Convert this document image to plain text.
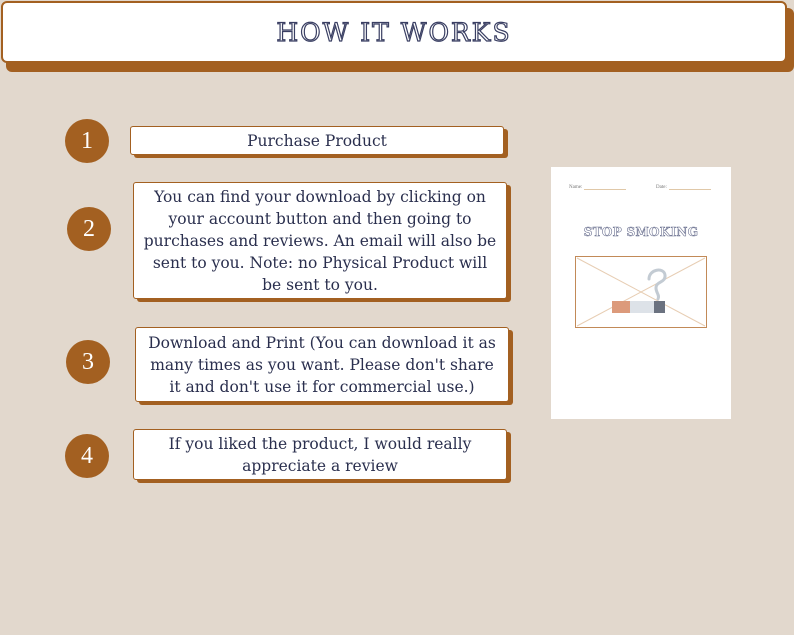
HOW IT WORKS
1	Purchase Product
2
You can find your download by clicking on your account button and then going to purchases and reviews. An email will also be sent to you. Note: no Physical Product will be sent to you.
3
Download and Print (You can download it as many times as you want. Please don't share it and don't use it for commercial use.)
4	If you liked the product, I would really appreciate a review
Name:	Date:
STOP SMOKING
